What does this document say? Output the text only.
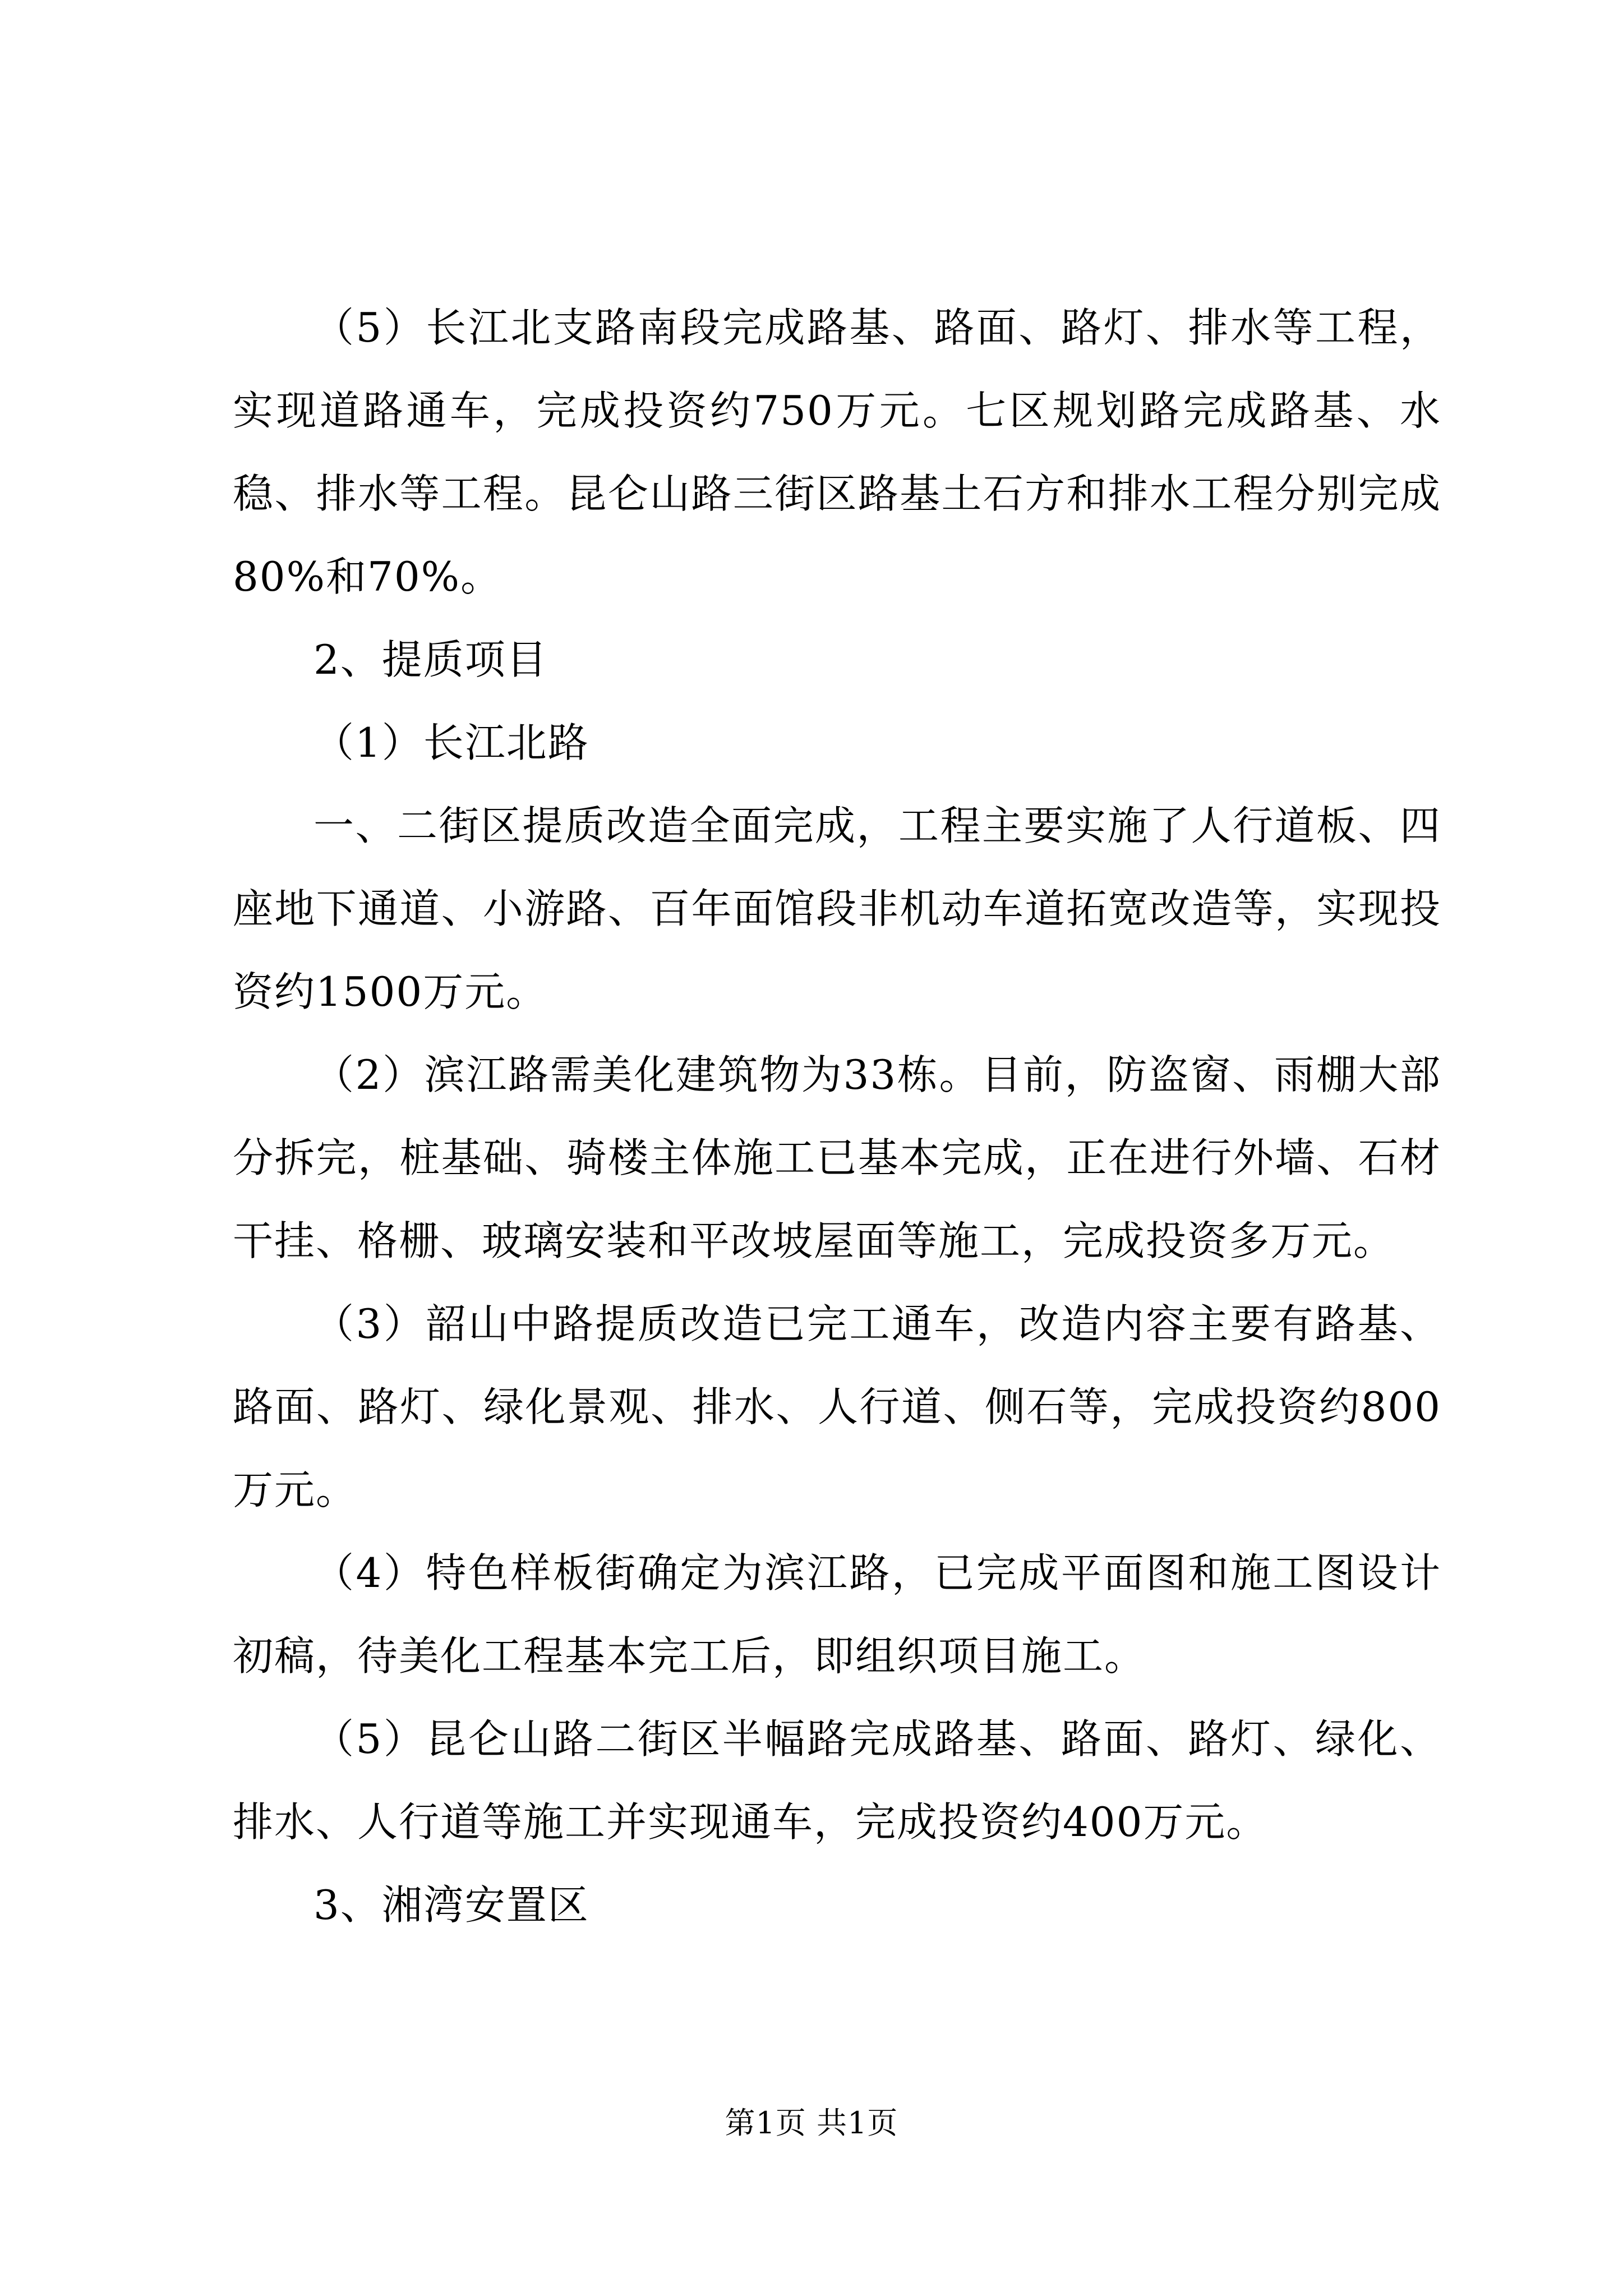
（5）长江北支路南段完成路基、路面、路灯、排水等工程，实现道路通车，完成投资约750万元。七区规划路完成路基、水稳、排水等工程。昆仑山路三街区路基土石方和排水工程分别完成80%和70%。

2、提质项目

（1）长江北路

一、二街区提质改造全面完成，工程主要实施了人行道板、四座地下通道、小游路、百年面馆段非机动车道拓宽改造等，实现投资约1500万元。

（2）滨江路需美化建筑物为33栋。目前，防盗窗、雨棚大部分拆完，桩基础、骑楼主体施工已基本完成，正在进行外墙、石材干挂、格栅、玻璃安装和平改坡屋面等施工，完成投资多万元。

（3）韶山中路提质改造已完工通车，改造内容主要有路基、路面、路灯、绿化景观、排水、人行道、侧石等，完成投资约800万元。

（4）特色样板街确定为滨江路，已完成平面图和施工图设计初稿，待美化工程基本完工后，即组织项目施工。

（5）昆仑山路二街区半幅路完成路基、路面、路灯、绿化、排水、人行道等施工并实现通车，完成投资约400万元。

3、湘湾安置区

第1页 共1页
